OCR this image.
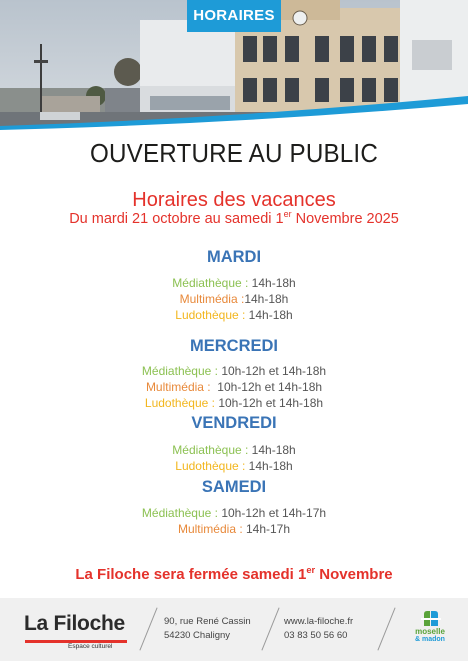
HORAIRES
OUVERTURE AU PUBLIC
Horaires des vacances
Du mardi 21 octobre au samedi 1er Novembre 2025
MARDI
Médiathèque : 14h-18h
Multimédia :14h-18h
Ludothèque : 14h-18h
MERCREDI
Médiathèque : 10h-12h et 14h-18h
Multimédia :  10h-12h et 14h-18h
Ludothèque : 10h-12h et 14h-18h
VENDREDI
Médiathèque : 14h-18h
Ludothèque : 14h-18h
SAMEDI
Médiathèque : 10h-12h et 14h-17h
Multimédia : 14h-17h
La Filoche sera fermée samedi 1er Novembre
La Filoche
Espace culturel
90, rue René Cassin
54230 Chaligny
www.la-filoche.fr
03 83 50 56 60	moselle
& madon
